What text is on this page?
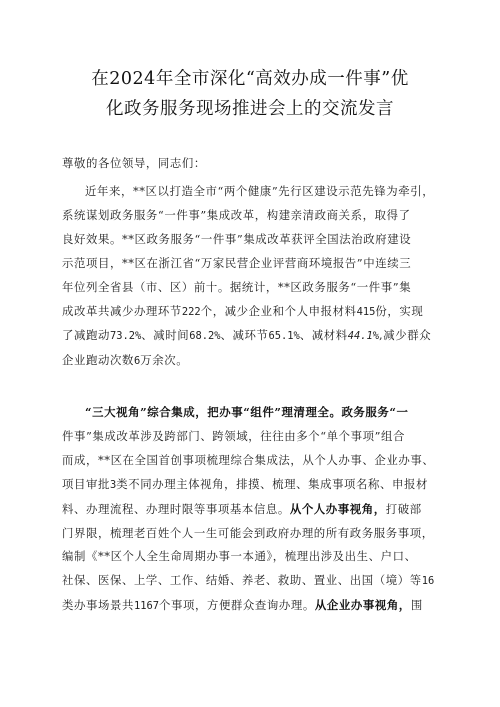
在2024年全市深化“高效办成一件事”优
化政务服务现场推进会上的交流发言
尊敬的各位领导，同志们：
近年来，**区以打造全市“两个健康”先行区建设示范先锋为牵引，
系统谋划政务服务“一件事”集成改革，构建亲清政商关系，取得了
良好效果。**区政务服务“一件事”集成改革获评全国法治政府建设
示范项目，**区在浙江省“万家民营企业评营商环境报告”中连续三
年位列全省县（市、区）前十。据统计，**区政务服务“一件事”集
成改革共减少办理环节222个，减少企业和个人申报材料415份，实现
了减跑动73.2%、减时间68.2%、减环节65.1%、减材料44.1%,减少群众
企业跑动次数6万余次。
“三大视角”综合集成，把办事“组件”理清理全。政务服务“一
件事”集成改革涉及跨部门、跨领域，往往由多个“单个事项”组合
而成，**区在全国首创事项梳理综合集成法，从个人办事、企业办事、
项目审批3类不同办理主体视角，排摸、梳理、集成事项名称、申报材
料、办理流程、办理时限等事项基本信息。从个人办事视角，打破部
门界限，梳理老百姓个人一生可能会到政府办理的所有政务服务事项，
编制《**区个人全生命周期办事一本通》，梳理出涉及出生、户口、
社保、医保、上学、工作、结婚、养老、救助、置业、出国（境）等16
类办事场景共1167个事项，方便群众查询办理。从企业办事视角，围
